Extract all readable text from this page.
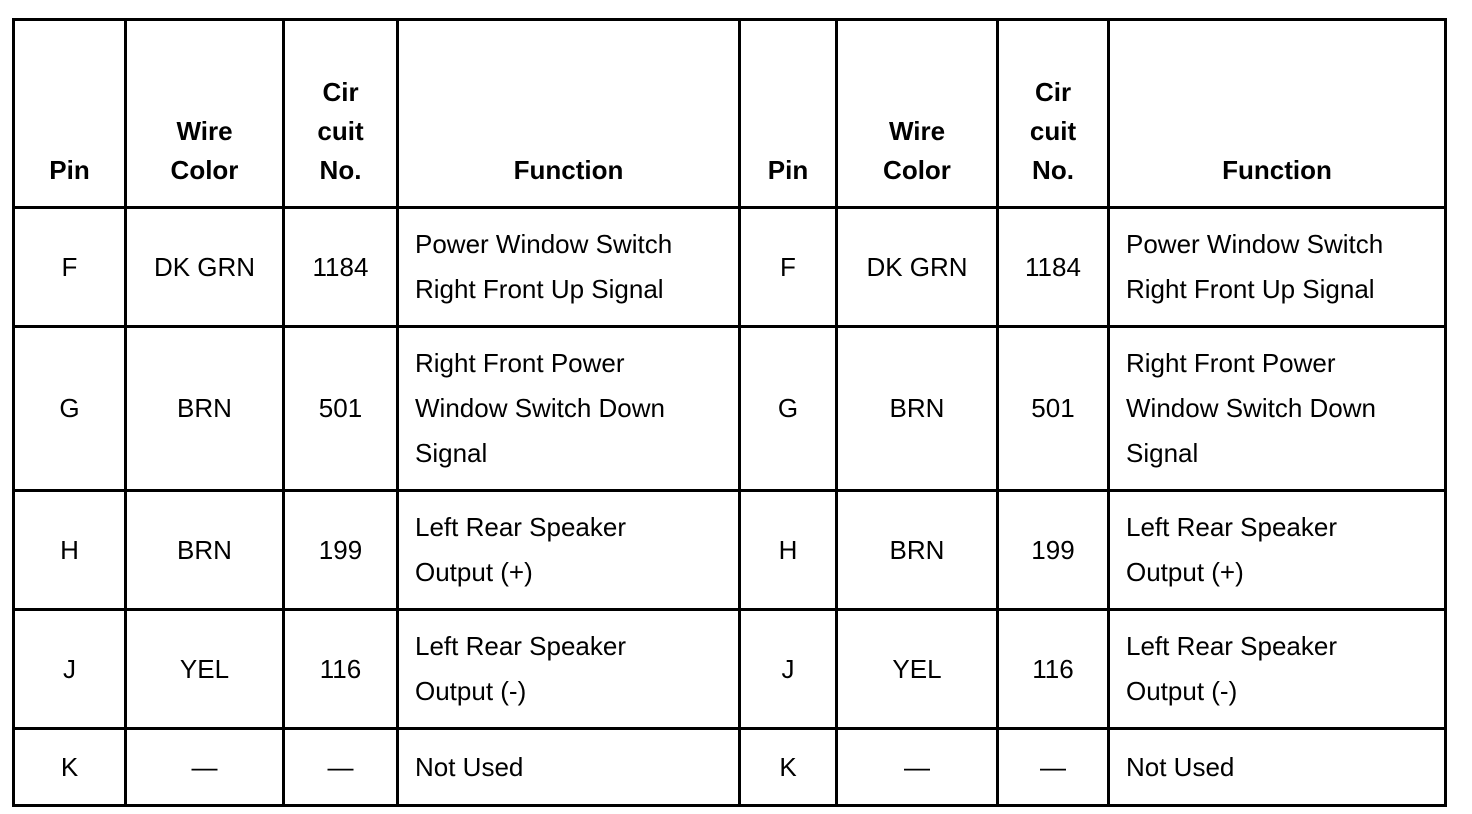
Pin	Wire
Color	Cir
cuit
No.	Function	Pin	Wire
Color	Cir
cuit
No.	Function

F	DK GRN	1184	Power Window Switch
Right Front Up Signal	F	DK GRN	1184	Power Window Switch
Right Front Up Signal

G	BRN	501	Right Front Power
Window Switch Down
Signal	G	BRN	501	Right Front Power
Window Switch Down
Signal

H	BRN	199	Left Rear Speaker
Output (+)	H	BRN	199	Left Rear Speaker
Output (+)

J	YEL	116	Left Rear Speaker
Output (-)	J	YEL	116	Left Rear Speaker
Output (-)

K	—	—	Not Used	K	—	—	Not Used
